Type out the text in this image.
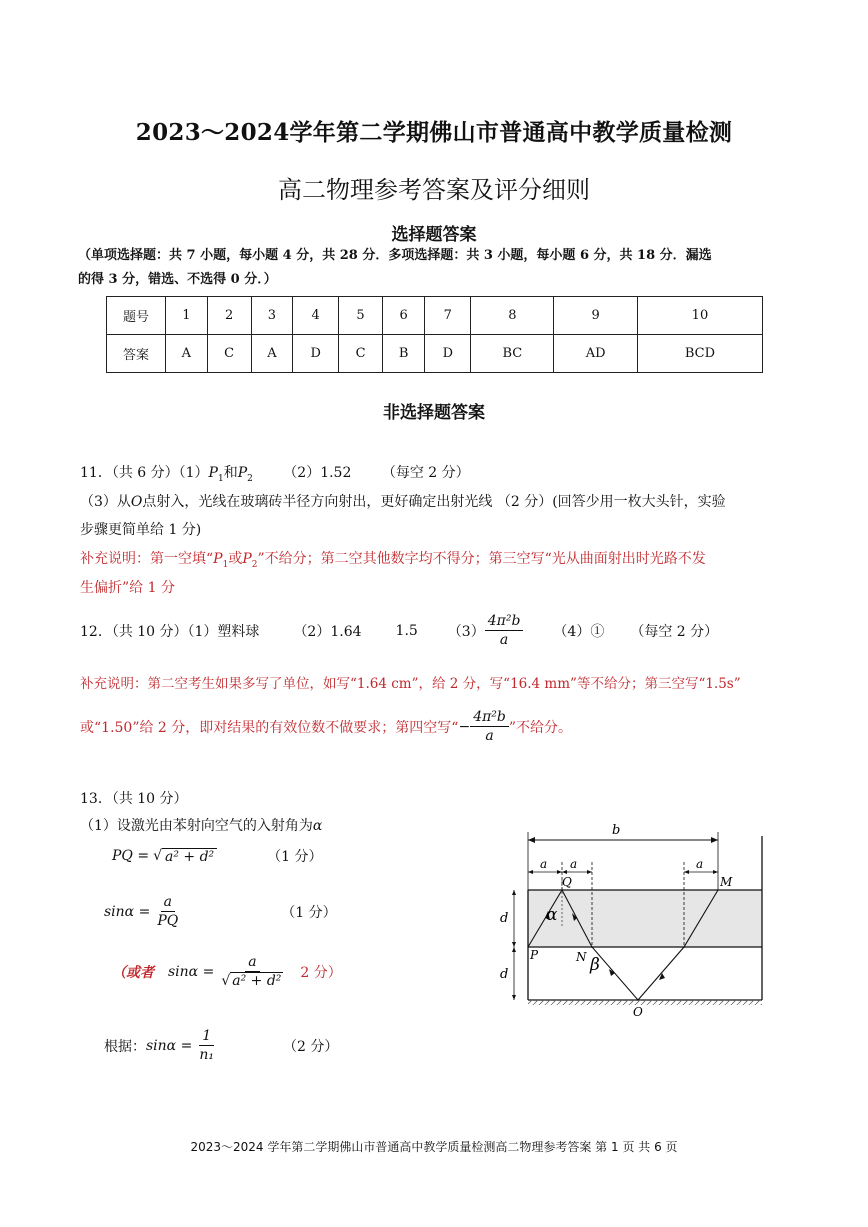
2023～2024学年第二学期佛山市普通高中教学质量检测
高二物理参考答案及评分细则
选择题答案
（单项选择题：共 7 小题，每小题 4 分，共 28 分．多项选择题：共 3 小题，每小题 6 分，共 18 分．漏选
的得 3 分，错选、不选得 0 分．）
题号	1	2	3	4	5	6	7	8	9	10
答案	A	C	A	D	C	B	D	BC	AD	BCD
非选择题答案
11．（共 6 分）$(1)P_1$和$P_2$ （2）1.52 （每空 2 分）
（3）从O点射入，光线在玻璃砖半径方向射出，更好确定出射光线 （2 分）(回答少用一枚大头针，实验
步骤更简单给 1 分)
补充说明：第一空填“$P_1$或$P_2$”不给分；第二空其他数字均不得分；第三空写“光从曲面射出时光路不发
生偏折”给 1 分
12．（共 10 分）（1）塑料球 （2）1.64 1.5 $(3) \frac{\text{4π²b}}{a}$ （4）① （每空 2 分）
补充说明：第二空考生如果多写了单位，如写“1.64 cm”，给 2 分，写“16.4 mm”等不给分；第三空写“1.5s”
或“1.50”给 2 分，即对结果的有效位数不做要求；第四空写“ − $\frac{\text{4π²b}}{a}$ ”不给分。
13．（共 10 分）
（1）设激光由苯射向空气的入射角为α
PQ = √ a² + d²	（1 分）
$\sin\alpha = \frac{a}{PQ}$	（1 分）
（或者 $\sin\alpha = \frac{a}{\text{√ a² + d²}} 2$ 分）
根据： $\sin\alpha = \frac{1}{\text{n₁}}$	（2 分）
b
a a	a
Q	M
d
d
P	N
O
α
β
2023～2024 学年第二学期佛山市普通高中教学质量检测高二物理参考答案 第 1 页 共 6 页
